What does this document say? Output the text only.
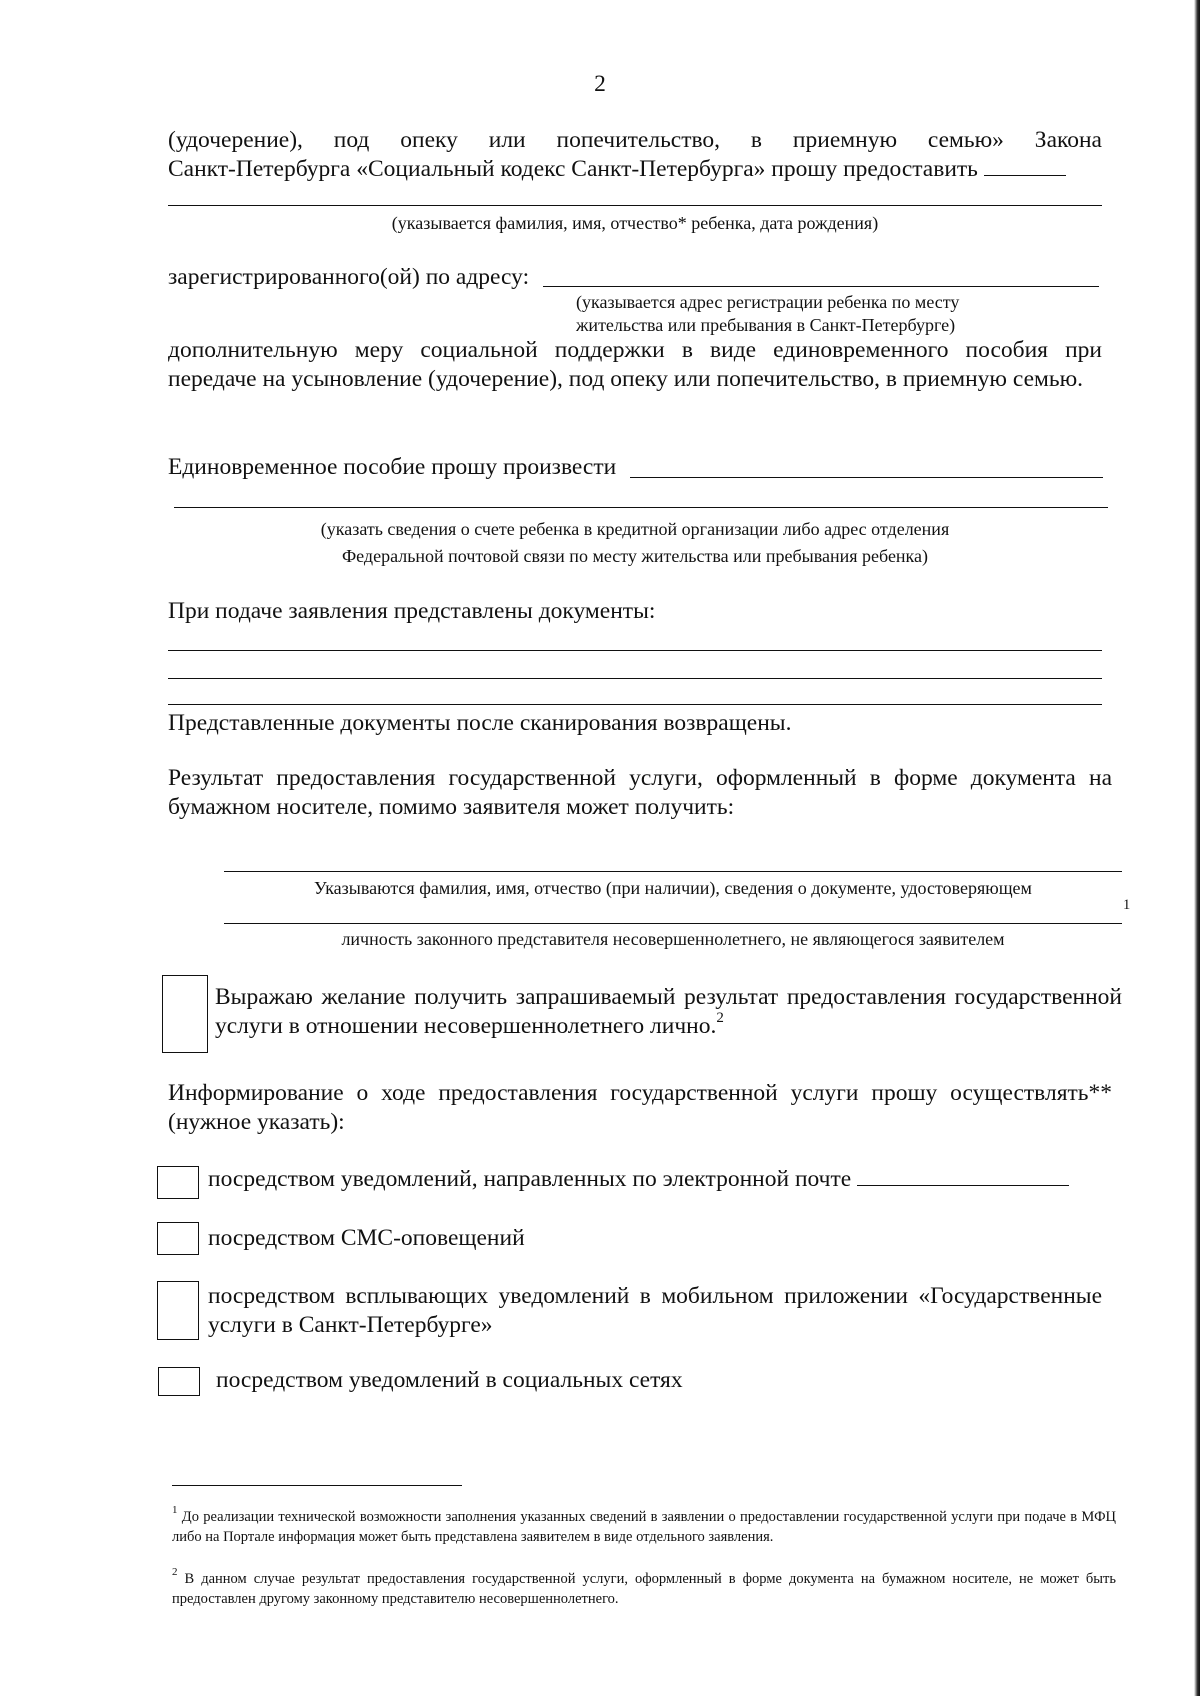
2
(удочерение), под опеку или попечительство, в приемную семью» Закона
Санкт-Петербурга «Социальный кодекс Санкт-Петербурга» прошу предоставить
(указывается фамилия, имя, отчество* ребенка, дата рождения)
зарегистрированного(ой) по адресу:
(указывается адрес регистрации ребенка по месту
жительства или пребывания в Санкт-Петербурге)
дополнительную меру социальной поддержки в виде единовременного пособия при передаче на усыновление (удочерение), под опеку или попечительство, в приемную семью.
Единовременное пособие прошу произвести
(указать сведения о счете ребенка в кредитной организации либо адрес отделения
Федеральной почтовой связи по месту жительства или пребывания ребенка)
При подаче заявления представлены документы:
Представленные документы после сканирования возвращены.
Результат предоставления государственной услуги, оформленный в форме документа на бумажном носителе, помимо заявителя может получить:
Указываются фамилия, имя, отчество (при наличии), сведения о документе, удостоверяющем
1
личность законного представителя несовершеннолетнего, не являющегося заявителем
Выражаю желание получить запрашиваемый результат предоставления государственной услуги в отношении несовершеннолетнего лично.$^2$
Информирование о ходе предоставления государственной услуги прошу осуществлять** (нужное указать):
посредством уведомлений, направленных по электронной почте
посредством СМС-оповещений
посредством всплывающих уведомлений в мобильном приложении «Государственные услуги в Санкт-Петербурге»
посредством уведомлений в социальных сетях
$^1$ До реализации технической возможности заполнения указанных сведений в заявлении о предоставлении государственной услуги при подаче в МФЦ либо на Портале информация может быть представлена заявителем в виде отдельного заявления.
$^2$ В данном случае результат предоставления государственной услуги, оформленный в форме документа на бумажном носителе, не может быть предоставлен другому законному представителю несовершеннолетнего.
